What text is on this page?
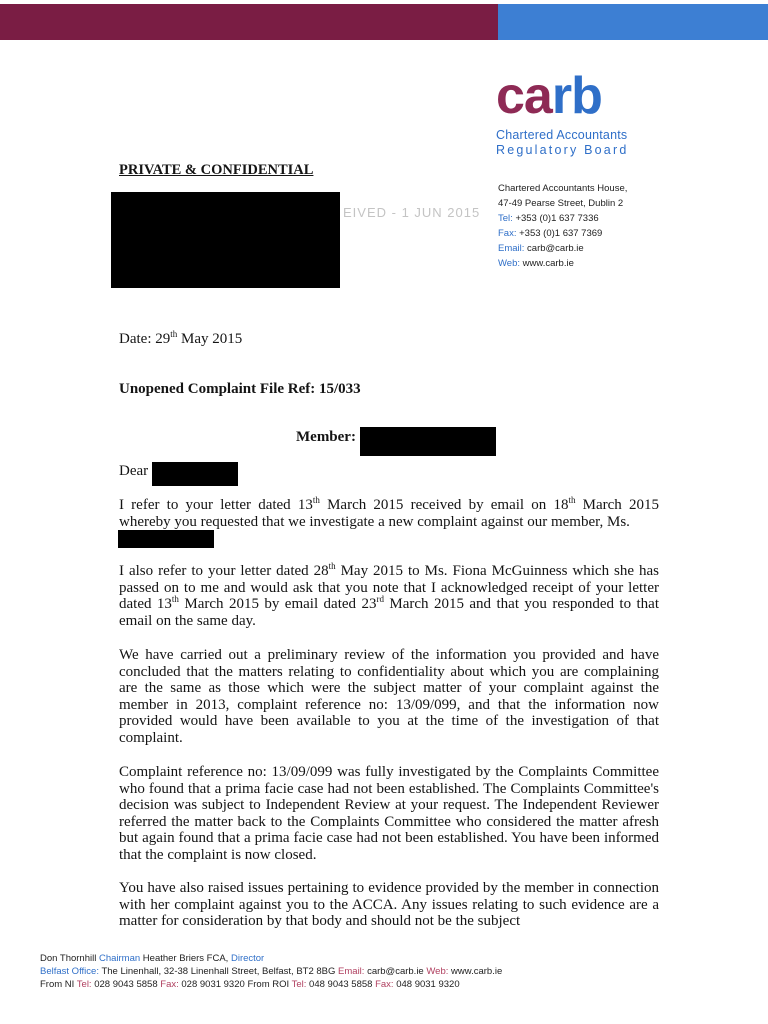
carb
Chartered Accountants
Regulatory Board
Chartered Accountants House,
47-49 Pearse Street, Dublin 2
Tel: +353 (0)1 637 7336
Fax: +353 (0)1 637 7369
Email: carb@carb.ie
Web: www.carb.ie
PRIVATE & CONFIDENTIAL
EIVED - 1 JUN 2015
Date: 29th May 2015
Unopened Complaint File Ref: 15/033
Member:
Dear
I refer to your letter dated 13th March 2015 received by email on 18th March 2015 whereby you requested that we investigate a new complaint against our member, Ms.
I also refer to your letter dated 28th May 2015 to Ms. Fiona McGuinness which she has passed on to me and would ask that you note that I acknowledged receipt of your letter dated 13th March 2015 by email dated 23rd March 2015 and that you responded to that email on the same day.
We have carried out a preliminary review of the information you provided and have concluded that the matters relating to confidentiality about which you are complaining are the same as those which were the subject matter of your complaint against the member in 2013, complaint reference no: 13/09/099, and that the information now provided would have been available to you at the time of the investigation of that complaint.
Complaint reference no: 13/09/099 was fully investigated by the Complaints Committee who found that a prima facie case had not been established. The Complaints Committee's decision was subject to Independent Review at your request. The Independent Reviewer referred the matter back to the Complaints Committee who considered the matter afresh but again found that a prima facie case had not been established. You have been informed that the complaint is now closed.
You have also raised issues pertaining to evidence provided by the member in connection with her complaint against you to the ACCA. Any issues relating to such evidence are a matter for consideration by that body and should not be the subject
Don Thornhill Chairman Heather Briers FCA, Director
Belfast Office: The Linenhall, 32-38 Linenhall Street, Belfast, BT2 8BG Email: carb@carb.ie Web: www.carb.ie
From NI Tel: 028 9043 5858 Fax: 028 9031 9320 From ROI Tel: 048 9043 5858 Fax: 048 9031 9320
